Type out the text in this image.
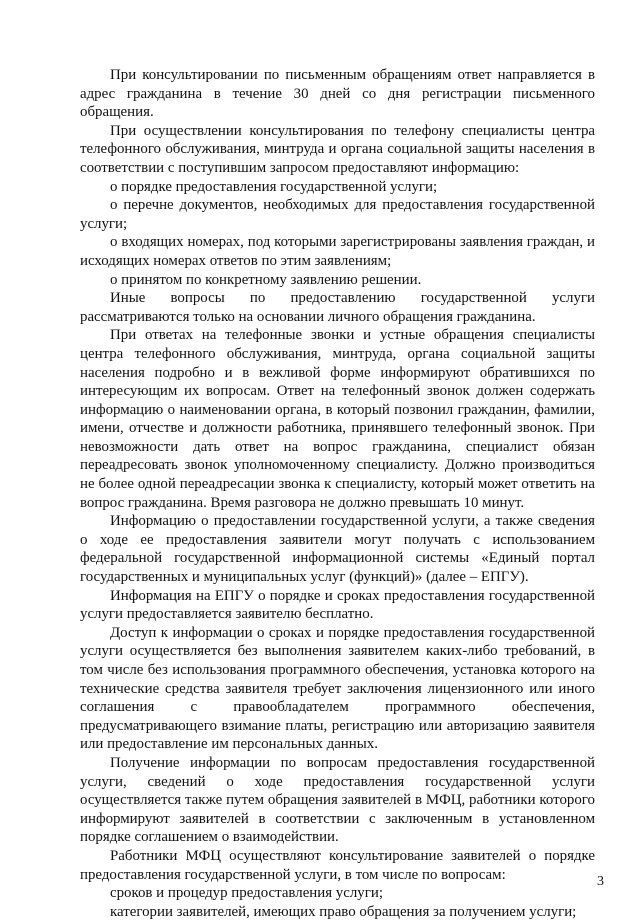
При консультировании по письменным обращениям ответ направляется в адрес гражданина в течение 30 дней со дня регистрации письменного обращения.

При осуществлении консультирования по телефону специалисты центра телефонного обслуживания, минтруда и органа социальной защиты населения в соответствии с поступившим запросом предоставляют информацию:

о порядке предоставления государственной услуги;

о перечне документов, необходимых для предоставления государственной услуги;

о входящих номерах, под которыми зарегистрированы заявления граждан, и исходящих номерах ответов по этим заявлениям;

о принятом по конкретному заявлению решении.

Иные вопросы по предоставлению государственной услуги рассматриваются только на основании личного обращения гражданина.

При ответах на телефонные звонки и устные обращения специалисты центра телефонного обслуживания, минтруда, органа социальной защиты населения подробно и в вежливой форме информируют обратившихся по интересующим их вопросам. Ответ на телефонный звонок должен содержать информацию о наименовании органа, в который позвонил гражданин, фамилии, имени, отчестве и должности работника, принявшего телефонный звонок. При невозможности дать ответ на вопрос гражданина, специалист обязан переадресовать звонок уполномоченному специалисту. Должно производиться не более одной переадресации звонка к специалисту, который может ответить на вопрос гражданина. Время разговора не должно превышать 10 минут.

Информацию о предоставлении государственной услуги, а также сведения о ходе ее предоставления заявители могут получать с использованием федеральной государственной информационной системы «Единый портал государственных и муниципальных услуг (функций)» (далее – ЕПГУ).

Информация на ЕПГУ о порядке и сроках предоставления государственной услуги предоставляется заявителю бесплатно.

Доступ к информации о сроках и порядке предоставления государственной услуги осуществляется без выполнения заявителем каких-либо требований, в том числе без использования программного обеспечения, установка которого на технические средства заявителя требует заключения лицензионного или иного соглашения с правообладателем программного обеспечения, предусматривающего взимание платы, регистрацию или авторизацию заявителя или предоставление им персональных данных.

Получение информации по вопросам предоставления государственной услуги, сведений о ходе предоставления государственной услуги осуществляется также путем обращения заявителей в МФЦ, работники которого информируют заявителей в соответствии с заключенным в установленном порядке соглашением о взаимодействии.

Работники МФЦ осуществляют консультирование заявителей о порядке предоставления государственной услуги, в том числе по вопросам:

сроков и процедур предоставления услуги;

категории заявителей, имеющих право обращения за получением услуги;

3
